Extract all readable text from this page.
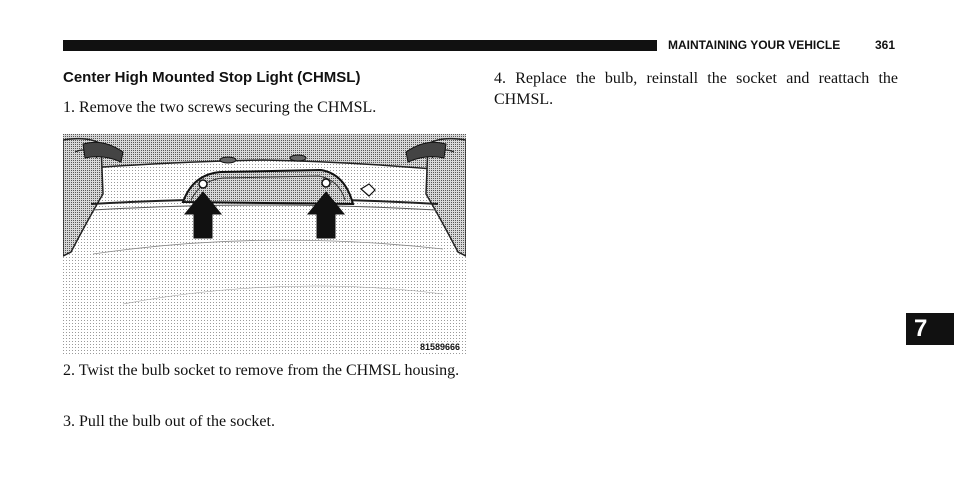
MAINTAINING YOUR VEHICLE	361
Center High Mounted Stop Light (CHMSL)
1. Remove the two screws securing the CHMSL.
81589666
2. Twist the bulb socket to remove from the CHMSL housing.
3. Pull the bulb out of the socket.
4. Replace the bulb, reinstall the socket and reattach the CHMSL.
7
